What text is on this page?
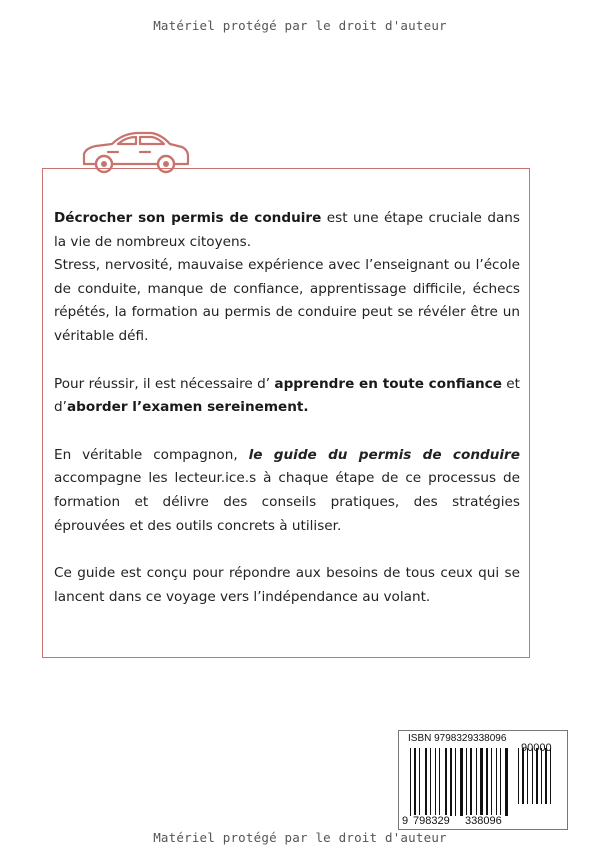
Matériel protégé par le droit d'auteur

Décrocher son permis de conduire est une étape cruciale dans la vie de nombreux citoyens.
Stress, nervosité, mauvaise expérience avec l’enseignant ou l’école de conduite, manque de confiance, apprentissage difficile, échecs répétés, la formation au permis de conduire peut se révéler être un véritable défi.

Pour réussir, il est nécessaire d’ apprendre en toute confiance et d’aborder l’examen sereinement.

En véritable compagnon, le guide du permis de conduire accompagne les lecteur.ice.s à chaque étape de ce processus de formation et délivre des conseils pratiques, des stratégies éprouvées et des outils concrets à utiliser.

Ce guide est conçu pour répondre aux besoins de tous ceux qui se lancent dans ce voyage vers l’indépendance au volant.

ISBN 9798329338096
9 798329 338096
Matériel protégé par le droit d'auteur
